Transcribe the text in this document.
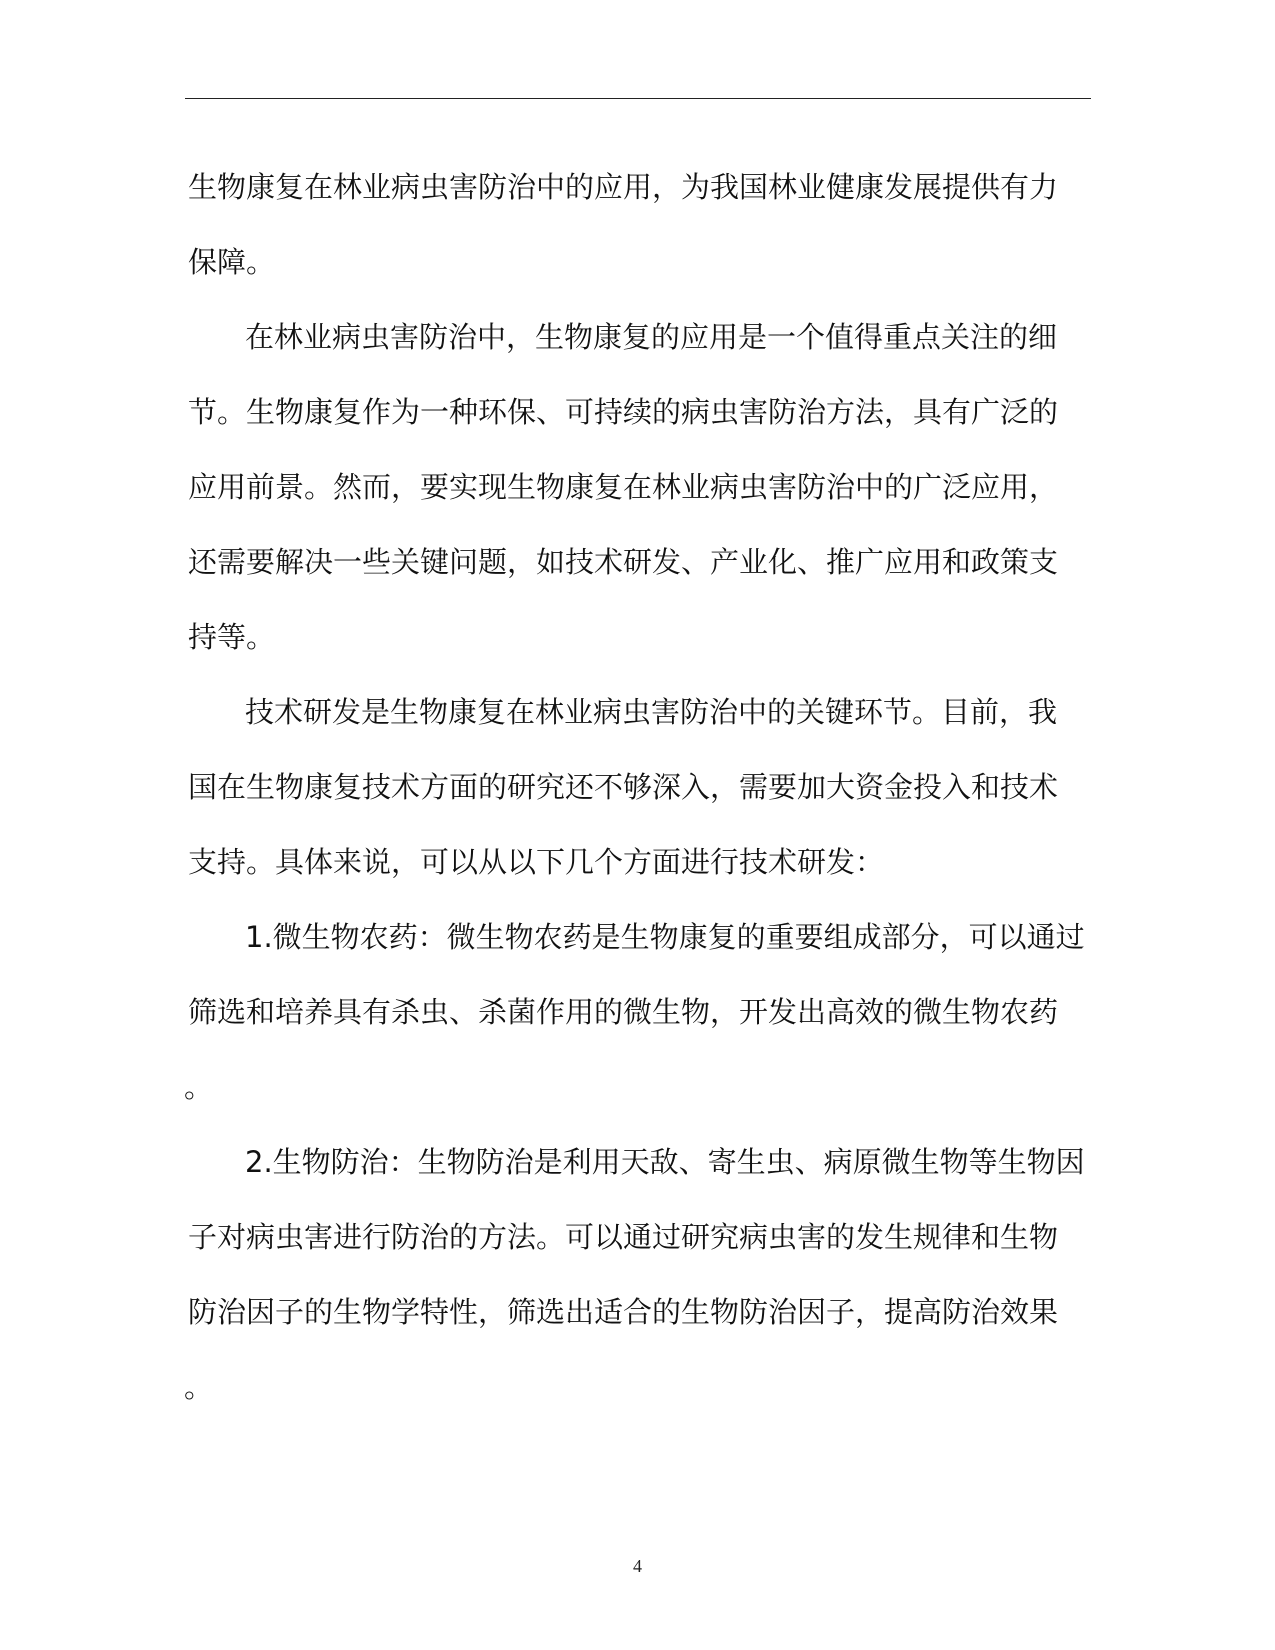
生物康复在林业病虫害防治中的应用，为我国林业健康发展提供有力
保障。
在林业病虫害防治中，生物康复的应用是一个值得重点关注的细
节。生物康复作为一种环保、可持续的病虫害防治方法，具有广泛的
应用前景。然而，要实现生物康复在林业病虫害防治中的广泛应用，
还需要解决一些关键问题，如技术研发、产业化、推广应用和政策支
持等。
技术研发是生物康复在林业病虫害防治中的关键环节。目前，我
国在生物康复技术方面的研究还不够深入，需要加大资金投入和技术
支持。具体来说，可以从以下几个方面进行技术研发：
1.微生物农药：微生物农药是生物康复的重要组成部分，可以通过
筛选和培养具有杀虫、杀菌作用的微生物，开发出高效的微生物农药
。
2.生物防治：生物防治是利用天敌、寄生虫、病原微生物等生物因
子对病虫害进行防治的方法。可以通过研究病虫害的发生规律和生物
防治因子的生物学特性，筛选出适合的生物防治因子，提高防治效果
。
4
